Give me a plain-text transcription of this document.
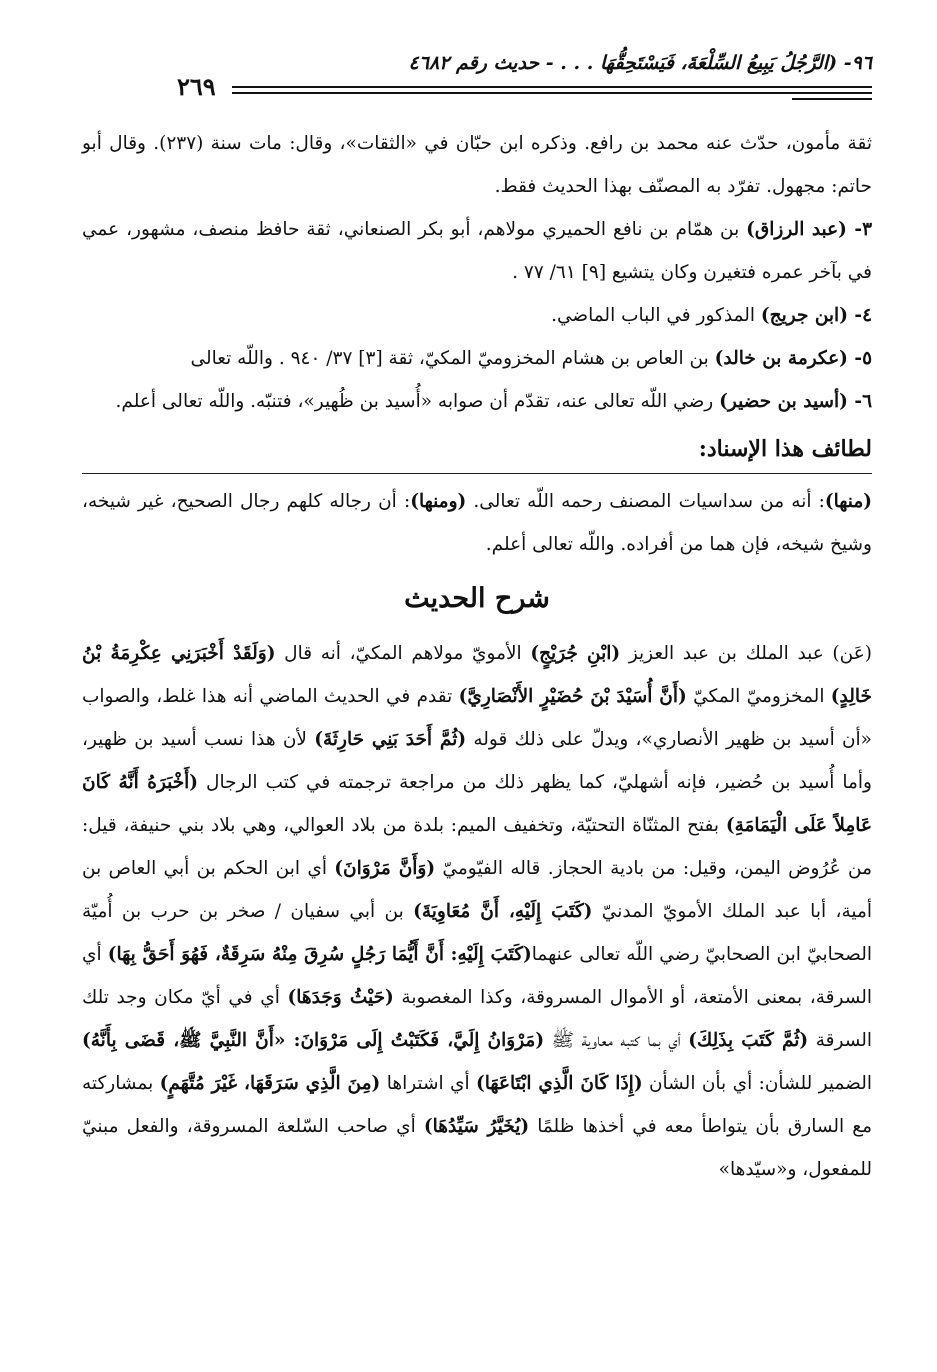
٩٦- (الرَّجُلُ يَبِيعُ السِّلْعَةَ، فَيَسْتَحِقُّهَا . . . - حديث رقم ٤٦٨٢
٢٦٩

ثقة مأمون، حدّث عنه محمد بن رافع. وذكره ابن حبّان في «الثقات»، وقال: مات سنة (٢٣٧). وقال أبو حاتم: مجهول. تفرّد به المصنّف بهذا الحديث فقط.

٣- (عبد الرزاق) بن همّام بن نافع الحميري مولاهم، أبو بكر الصنعاني، ثقة حافظ منصف، مشهور، عمي في بآخر عمره فتغيرن وكان يتشيع [٩] ٦١/ ٧٧ .

٤- (ابن جريج) المذكور في الباب الماضي.

٥- (عكرمة بن خالد) بن العاص بن هشام المخزوميّ المكيّ، ثقة [٣] ٣٧/ ٩٤٠ . واللّه تعالى

٦- (أسيد بن حضير) رضي اللّه تعالى عنه، تقدّم أن صوابه «أُسيد بن ظُهير»، فتنبّه. واللّه تعالى أعلم.

لطائف هذا الإسناد:

(منها): أنه من سداسيات المصنف رحمه اللّه تعالى. (ومنها): أن رجاله كلهم رجال الصحيح، غير شيخه، وشيخ شيخه، فإن هما من أفراده. واللّه تعالى أعلم.

شرح الحديث

(عَن) عبد الملك بن عبد العزيز (ابْنِ جُرَيْجٍ) الأمويّ مولاهم المكيّ، أنه قال (وَلَقَدْ أَخْبَرَنِي عِكْرِمَةُ بْنُ خَالِدٍ) المخزوميّ المكيّ (أَنَّ أُسَيْدَ بْنَ حُضَيْرٍ الأَنْصَارِيَّ) تقدم في الحديث الماضي أنه هذا غلط، والصواب «أن أسيد بن ظهير الأنصاري»، ويدلّ على ذلك قوله (ثُمَّ أَحَدَ بَنِي حَارِثَةَ) لأن هذا نسب أسيد بن ظهير، وأما أُسيد بن حُضير، فإنه أشهليّ، كما يظهر ذلك من مراجعة ترجمته في كتب الرجال (أَخْبَرَهُ أَنَّهُ كَانَ عَامِلاً عَلَى الْيَمَامَةِ) بفتح المثنّاة التحتيّة، وتخفيف الميم: بلدة من بلاد العوالي، وهي بلاد بني حنيفة، قيل: من عُرُوض اليمن، وقيل: من بادية الحجاز. قاله الفيّوميّ (وَأَنَّ مَرْوَانَ) أي ابن الحكم بن أبي العاص بن أمية، أبا عبد الملك الأمويّ المدنيّ (كَتَبَ إِلَيْهِ، أَنَّ مُعَاوِيَةَ) بن أبي سفيان / صخر بن حرب بن أُميّة الصحابيّ ابن الصحابيّ رضي اللّه تعالى عنهما(كَتَبَ إِلَيْهِ: أَنَّ أَيُّمَا رَجُلٍ سُرِقَ مِنْهُ سَرِقَةٌ، فَهُوَ أَحَقُّ بِهَا) أي السرقة، بمعنى الأمتعة، أو الأموال المسروقة، وكذا المغصوبة (حَيْثُ وَجَدَهَا) أي في أيّ مكان وجد تلك السرقة (ثُمَّ كَتَبَ بِذَلِكَ) أي بما كتبه معاوية ﷺ (مَرْوَانُ إِلَيَّ، فَكَتَبْتُ إِلَى مَرْوَانَ: «أَنَّ النَّبِيَّ ﷺ، قَضَى بِأَنَّهُ) الضمير للشأن: أي بأن الشأن (إِذَا كَانَ الَّذِي ابْتَاعَهَا) أي اشتراها (مِنَ الَّذِي سَرَقَهَا، غَيْرَ مُتَّهَمٍ) بمشاركته مع السارق بأن يتواطأ معه في أخذها ظلمًا (يُخَيَّرُ سَيِّدُهَا) أي صاحب السّلعة المسروقة، والفعل مبنيّ للمفعول، و«سيّدها»
